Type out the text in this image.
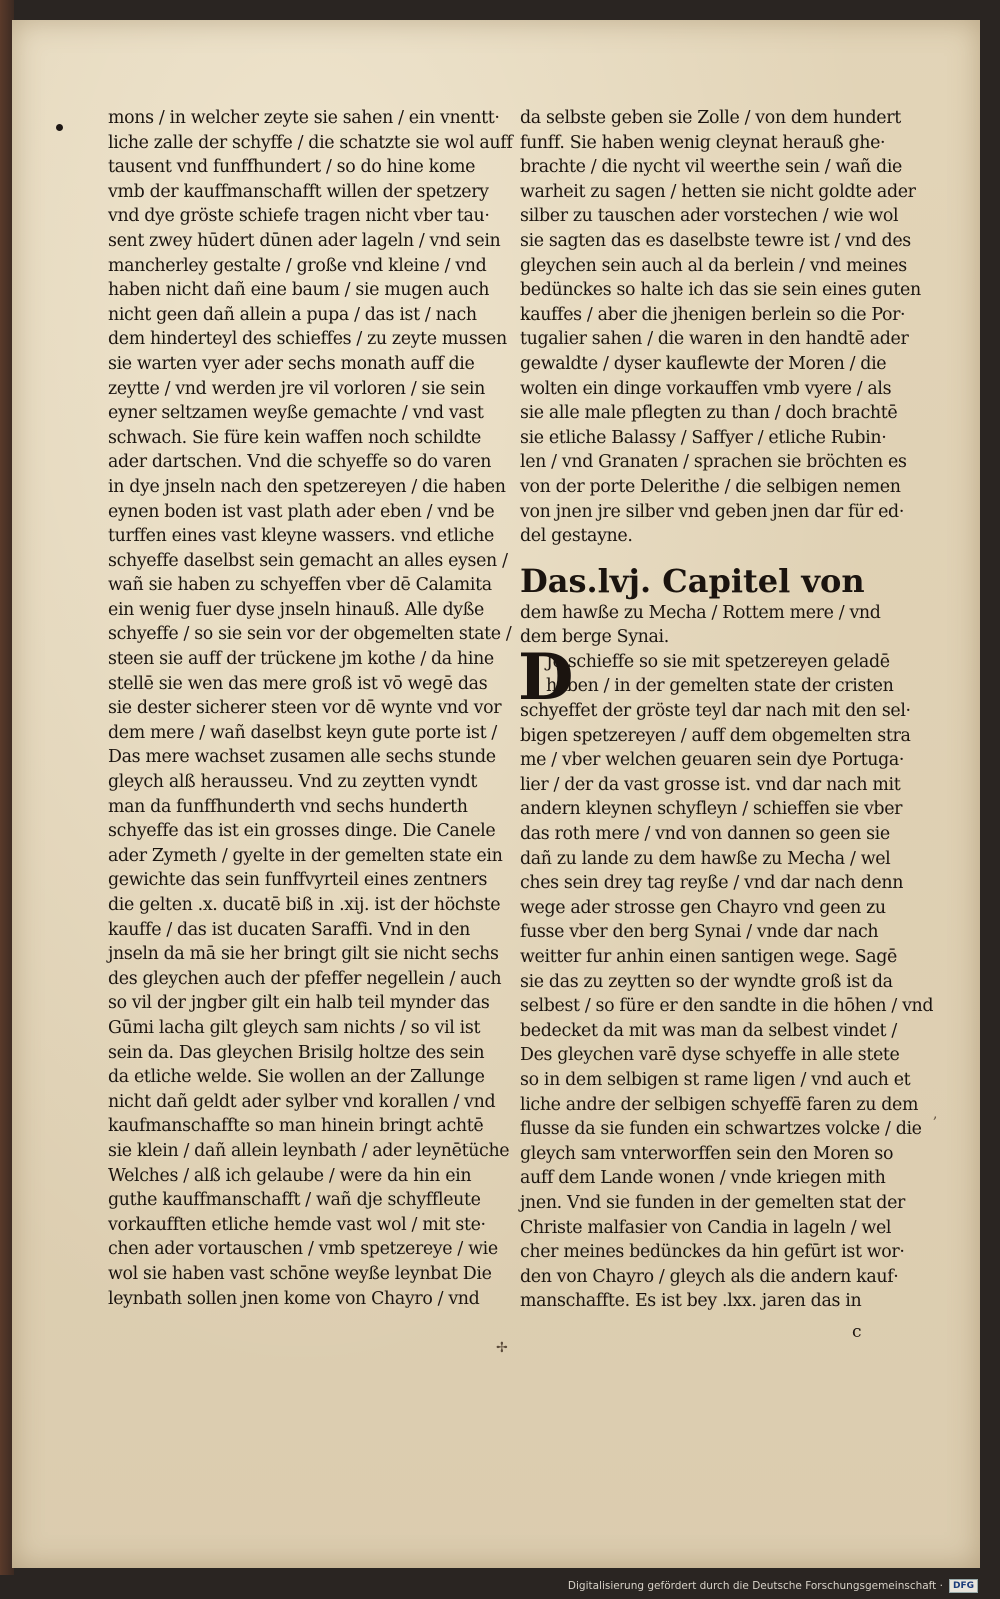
mons / in welcher zeyte sie sahen / ein vnentt·
liche zalle der schyffe / die schatzte sie wol auff
tausent vnd funffhundert / so do hine kome
vmb der kauffmanschafft willen der spetzery
vnd dye gröste schiefe tragen nicht vber tau·
sent zwey hūdert dūnen ader lageln / vnd sein
mancherley gestalte / große vnd kleine / vnd
haben nicht dañ eine baum / sie mugen auch
nicht geen dañ allein a pupa / das ist / nach
dem hinderteyl des schieffes / zu zeyte mussen
sie warten vyer ader sechs monath auff die
zeytte / vnd werden jre vil vorloren / sie sein
eyner seltzamen weyße gemachte / vnd vast
schwach. Sie füre kein waffen noch schildte
ader dartschen. Vnd die schyeffe so do varen
in dye jnseln nach den spetzereyen / die haben
eynen boden ist vast plath ader eben / vnd be
turffen eines vast kleyne wassers. vnd etliche
schyeffe daselbst sein gemacht an alles eysen /
wañ sie haben zu schyeffen vber dē Calamita
ein wenig fuer dyse jnseln hinauß. Alle dyße
schyeffe / so sie sein vor der obgemelten state /
steen sie auff der trückene jm kothe / da hine
stellē sie wen das mere groß ist vō wegē das
sie dester sicherer steen vor dē wynte vnd vor
dem mere / wañ daselbst keyn gute porte ist /
Das mere wachset zusamen alle sechs stunde
gleych alß herausseu. Vnd zu zeytten vyndt
man da funffhunderth vnd sechs hunderth
schyeffe das ist ein grosses dinge. Die Canele
ader Zymeth / gyelte in der gemelten state ein
gewichte das sein funffvyrteil eines zentners
die gelten .x. ducatē biß in .xij. ist der höchste
kauffe / das ist ducaten Saraffi. Vnd in den
jnseln da mā sie her bringt gilt sie nicht sechs
des gleychen auch der pfeffer negellein / auch
so vil der jngber gilt ein halb teil mynder das
Gūmi lacha gilt gleych sam nichts / so vil ist
sein da. Das gleychen Brisilg holtze des sein
da etliche welde. Sie wollen an der Zallunge
nicht dañ geldt ader sylber vnd korallen / vnd
kaufmanschaffte so man hinein bringt achtē
sie klein / dañ allein leynbath / ader leynētüche
Welches / alß ich gelaube / were da hin ein
guthe kauffmanschafft / wañ dje schyffleute
vorkaufften etliche hemde vast wol / mit ste·
chen ader vortauschen / vmb spetzereye / wie
wol sie haben vast schōne weyße leynbat Die
leynbath sollen jnen kome von Chayro / vnd
da selbste geben sie Zolle / von dem hundert
funff. Sie haben wenig cleynat herauß ghe·
brachte / die nycht vil weerthe sein / wañ die
warheit zu sagen / hetten sie nicht goldte ader
silber zu tauschen ader vorstechen / wie wol
sie sagten das es daselbste tewre ist / vnd des
gleychen sein auch al da berlein / vnd meines
bedünckes so halte ich das sie sein eines guten
kauffes / aber die jhenigen berlein so die Por·
tugalier sahen / die waren in den handtē ader
gewaldte / dyser kauflewte der Moren / die
wolten ein dinge vorkauffen vmb vyere / als
sie alle male pflegten zu than / doch brachtē
sie etliche Balassy / Saffyer / etliche Rubin·
len / vnd Granaten / sprachen sie bröchten es
von der porte Delerithe / die selbigen nemen
von jnen jre silber vnd geben jnen dar für ed·
del gestayne.
Das.lvj. Capitel von
dem hawße zu Mecha / Rottem mere / vnd
dem berge Synai.
D
Je schieffe so sie mit spetzereyen geladē
haben / in der gemelten state der cristen
schyeffet der gröste teyl dar nach mit den sel·
bigen spetzereyen / auff dem obgemelten stra
me / vber welchen geuaren sein dye Portuga·
lier / der da vast grosse ist. vnd dar nach mit
andern kleynen schyfleyn / schieffen sie vber
das roth mere / vnd von dannen so geen sie
dañ zu lande zu dem hawße zu Mecha / wel
ches sein drey tag reyße / vnd dar nach denn
wege ader strosse gen Chayro vnd geen zu
fusse vber den berg Synai / vnde dar nach
weitter fur anhin einen santigen wege. Sagē
sie das zu zeytten so der wyndte groß ist da
selbest / so füre er den sandte in die hōhen / vnd
bedecket da mit was man da selbest vindet /
Des gleychen varē dyse schyeffe in alle stete
so in dem selbigen st rame ligen / vnd auch et
liche andre der selbigen schyeffē faren zu dem
flusse da sie funden ein schwartzes volcke / die
gleych sam vnterworffen sein den Moren so
auff dem Lande wonen / vnde kriegen mith
jnen. Vnd sie funden in der gemelten stat der
Christe malfasier von Candia in lageln / wel
cher meines bedünckes da hin gefūrt ist wor·
den von Chayro / gleych als die andern kauf·
manschaffte. Es ist bey .lxx. jaren das in
✢
,
c
Digitalisierung gefördert durch die Deutsche Forschungsgemeinschaft ·	DFG
